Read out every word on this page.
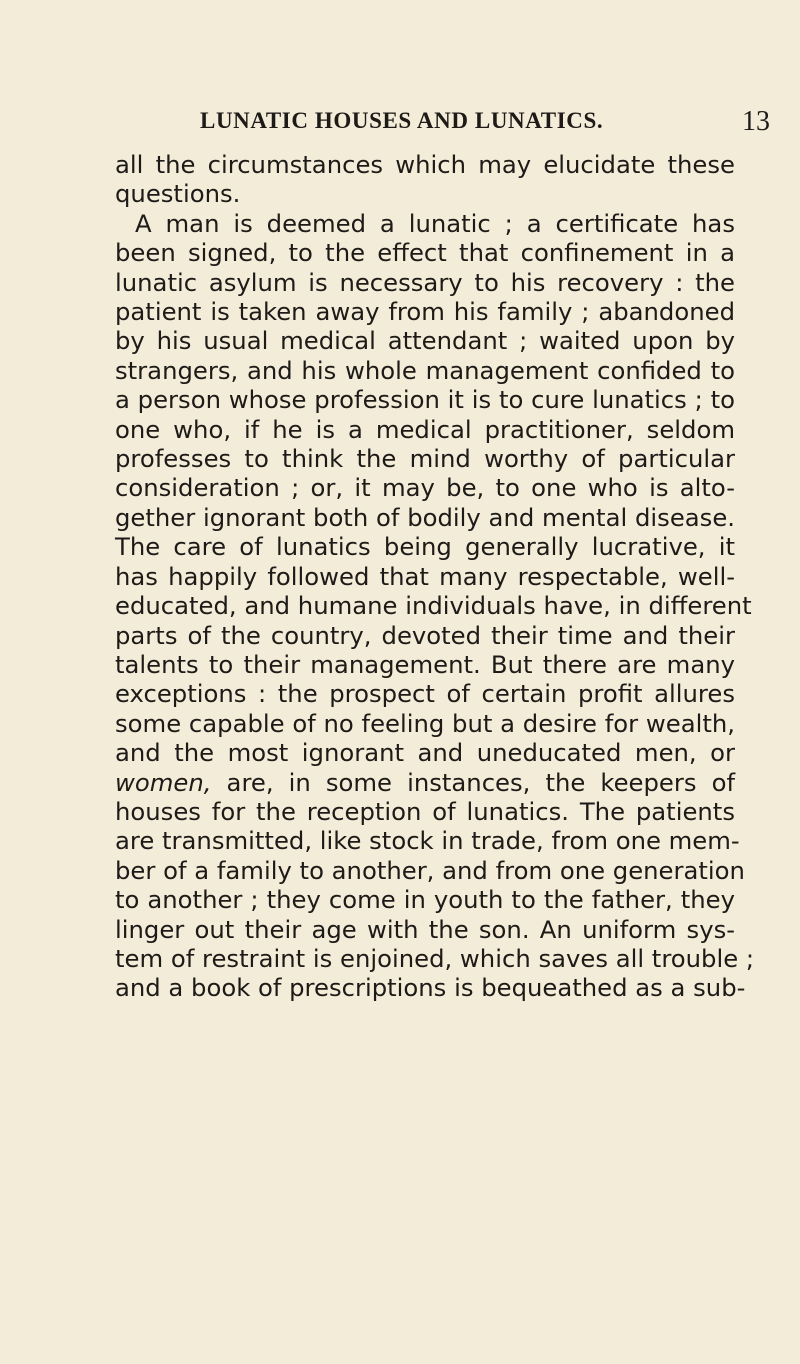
LUNATIC HOUSES AND LUNATICS.	13
all the circumstances which may elucidate these
questions.
A man is deemed a lunatic ; a certificate has
been signed, to the effect that confinement in a
lunatic asylum is necessary to his recovery : the
patient is taken away from his family ; abandoned
by his usual medical attendant ; waited upon by
strangers, and his whole management confided to
a person whose profession it is to cure lunatics ; to
one who, if he is a medical practitioner, seldom
professes to think the mind worthy of particular
consideration ; or, it may be, to one who is alto-
gether ignorant both of bodily and mental disease.
The care of lunatics being generally lucrative, it
has happily followed that many respectable, well-
educated, and humane individuals have, in different
parts of the country, devoted their time and their
talents to their management. But there are many
exceptions : the prospect of certain profit allures
some capable of no feeling but a desire for wealth,
and the most ignorant and uneducated men, or
women, are, in some instances, the keepers of
houses for the reception of lunatics. The patients
are transmitted, like stock in trade, from one mem-
ber of a family to another, and from one generation
to another ; they come in youth to the father, they
linger out their age with the son. An uniform sys-
tem of restraint is enjoined, which saves all trouble ;
and a book of prescriptions is bequeathed as a sub-
